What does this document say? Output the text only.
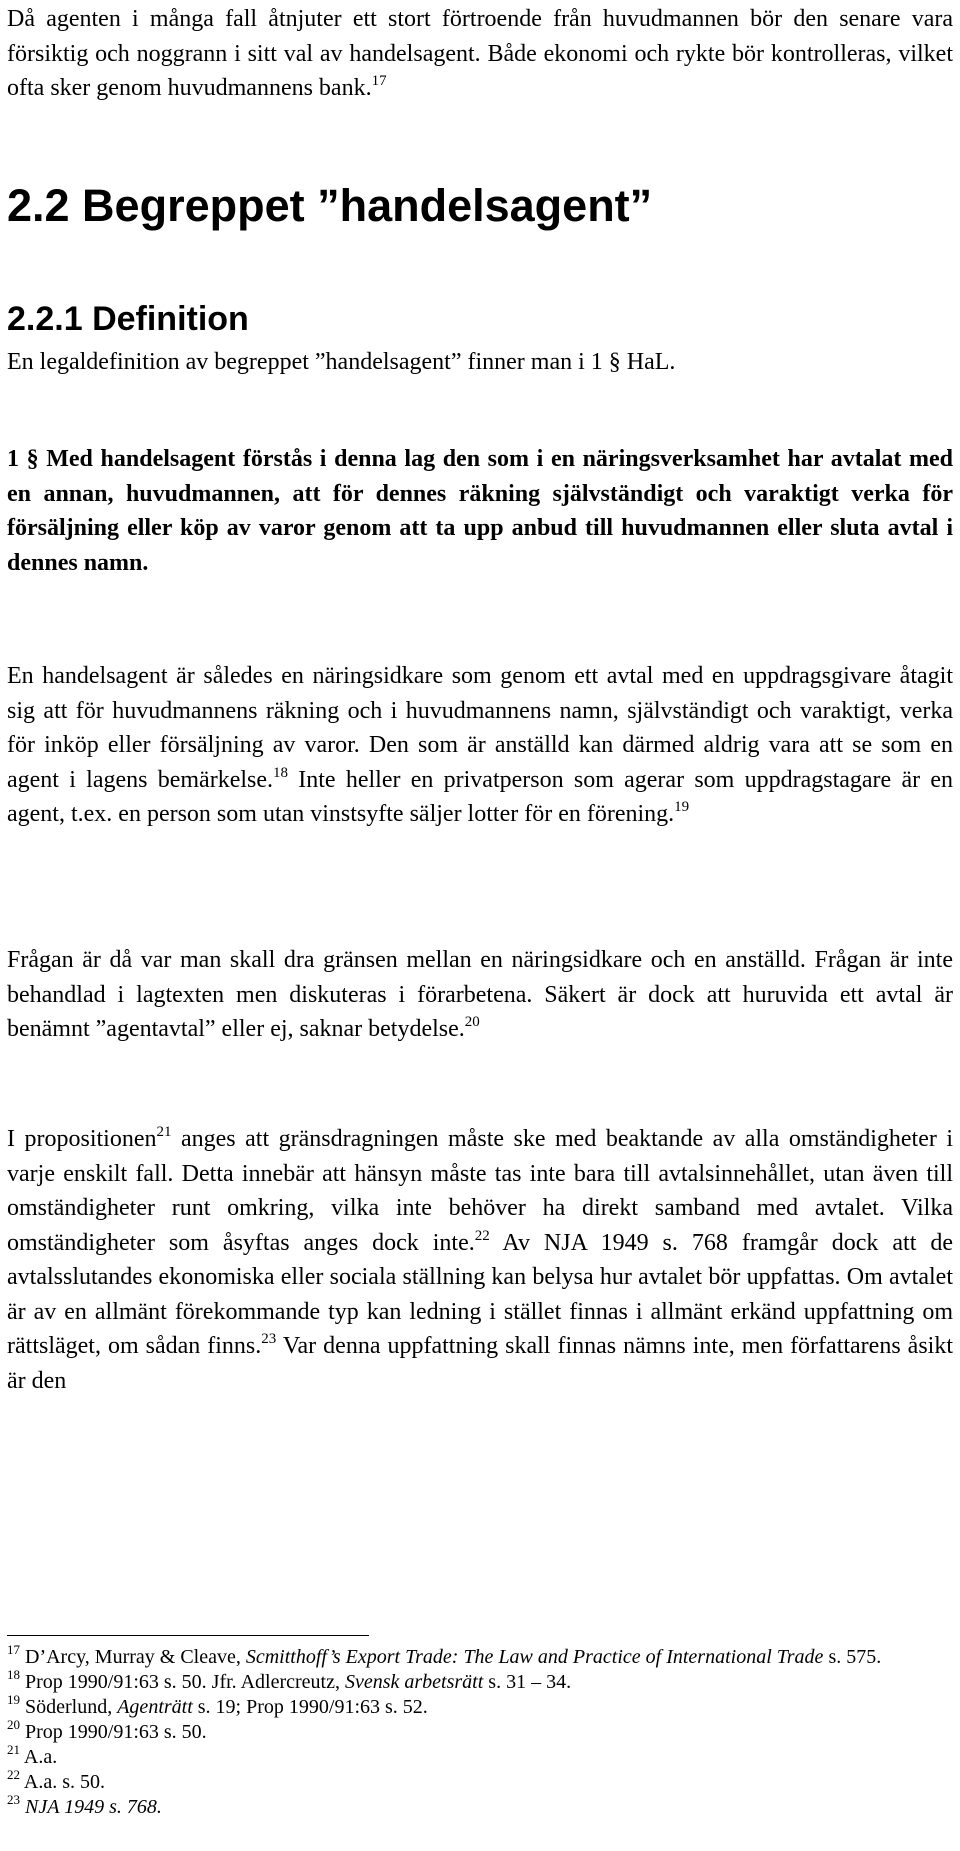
Då agenten i många fall åtnjuter ett stort förtroende från huvudmannen bör den senare vara försiktig och noggrann i sitt val av handelsagent. Både ekonomi och rykte bör kontrolleras, vilket ofta sker genom huvudmannens bank.$^{17}$
2.2 Begreppet ”handelsagent”
2.2.1 Definition
En legaldefinition av begreppet ”handelsagent” finner man i 1 § HaL.
1 § Med handelsagent förstås i denna lag den som i en näringsverksamhet har avtalat med en annan, huvudmannen, att för dennes räkning självständigt och varaktigt verka för försäljning eller köp av varor genom att ta upp anbud till huvudmannen eller sluta avtal i dennes namn.
En handelsagent är således en näringsidkare som genom ett avtal med en uppdragsgivare åtagit sig att för huvudmannens räkning och i huvudmannens namn, självständigt och varaktigt, verka för inköp eller försäljning av varor. Den som är anställd kan därmed aldrig vara att se som en agent i lagens bemärkelse.$^{18}$ Inte heller en privatperson som agerar som uppdragstagare är en agent, t.ex. en person som utan vinstsyfte säljer lotter för en förening.$^{19}$
Frågan är då var man skall dra gränsen mellan en näringsidkare och en anställd. Frågan är inte behandlad i lagtexten men diskuteras i förarbetena. Säkert är dock att huruvida ett avtal är benämnt ”agentavtal” eller ej, saknar betydelse.$^{20}$
I propositionen$^{21}$ anges att gränsdragningen måste ske med beaktande av alla omständigheter i varje enskilt fall. Detta innebär att hänsyn måste tas inte bara till avtalsinnehållet, utan även till omständigheter runt omkring, vilka inte behöver ha direkt samband med avtalet. Vilka omständigheter som åsyftas anges dock inte.$^{22}$ Av NJA 1949 s. 768 framgår dock att de avtalsslutandes ekonomiska eller sociala ställning kan belysa hur avtalet bör uppfattas. Om avtalet är av en allmänt förekommande typ kan ledning i stället finnas i allmänt erkänd uppfattning om rättsläget, om sådan finns.$^{23}$ Var denna uppfattning skall finnas nämns inte, men författarens åsikt är den
$^{17}$ D’Arcy, Murray & Cleave, Scmitthoff’s Export Trade: The Law and Practice of International Trade s. 575.
$^{18}$ Prop 1990/91:63 s. 50. Jfr. Adlercreutz, Svensk arbetsrätt s. 31 – 34.
$^{19}$ Söderlund, Agenträtt s. 19; Prop 1990/91:63 s. 52.
$^{20}$ Prop 1990/91:63 s. 50.
$^{21}$ A.a.
$^{22}$ A.a. s. 50.
$^{23}$ NJA 1949 s. 768.
